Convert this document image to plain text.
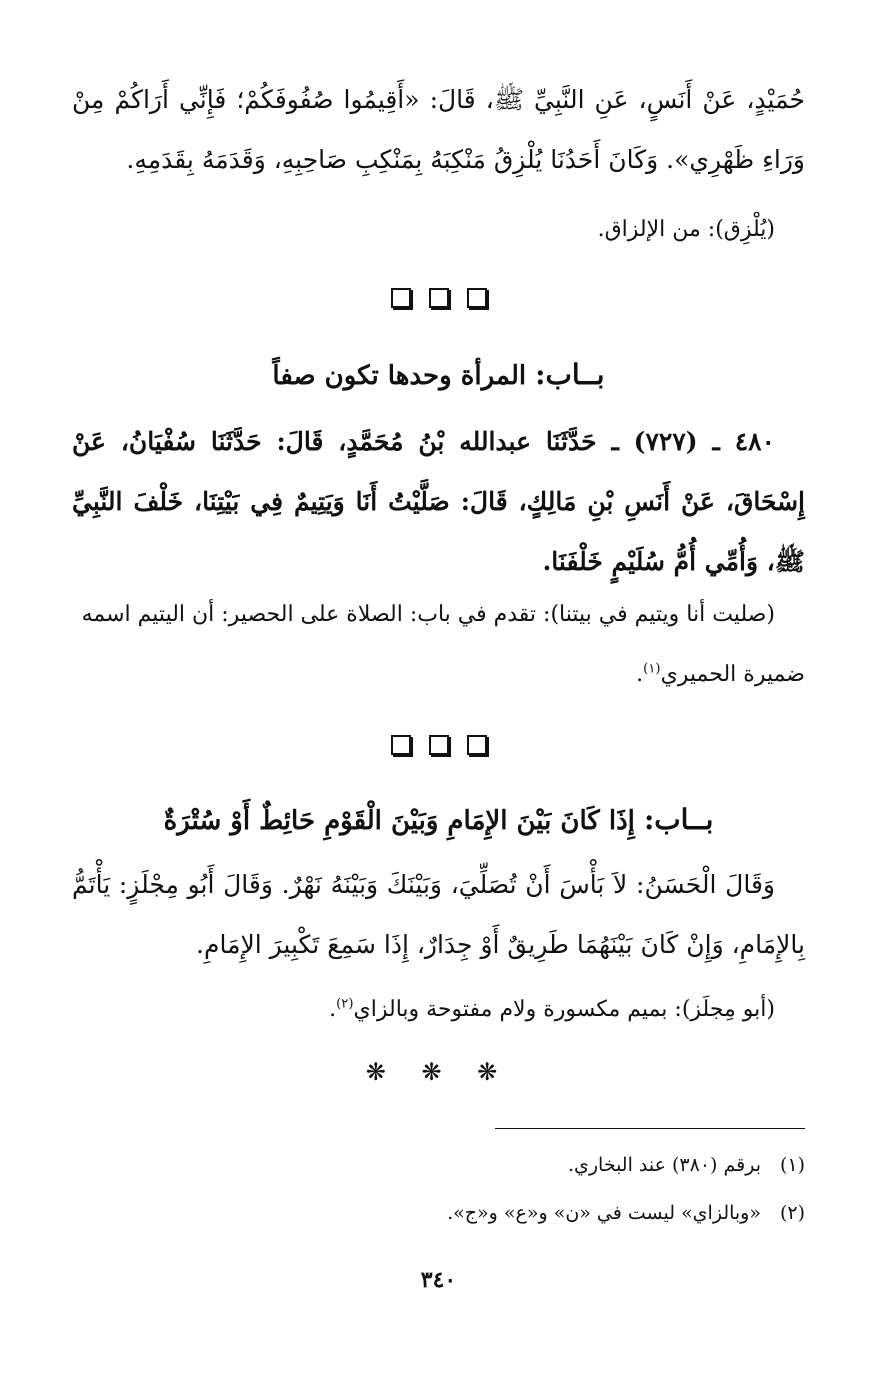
حُمَيْدٍ، عَنْ أَنَسٍ، عَنِ النَّبِيِّ ﷺ، قَالَ: «أَقِيمُوا صُفُوفَكُمْ؛ فَإِنِّي أَرَاكُمْ مِنْ وَرَاءِ ظَهْرِي». وَكَانَ أَحَدُنَا يُلْزِقُ مَنْكِبَهُ بِمَنْكِبِ صَاحِبِهِ، وَقَدَمَهُ بِقَدَمِهِ.

(يُلْزِق): من الإلزاق.

بــاب: المرأة وحدها تكون صفاً

٤٨٠ ـ (٧٢٧) ـ حَدَّثَنَا عبدالله بْنُ مُحَمَّدٍ، قَالَ: حَدَّثَنَا سُفْيَانُ، عَنْ إِسْحَاقَ، عَنْ أَنَسِ بْنِ مَالِكٍ، قَالَ: صَلَّيْتُ أَنَا وَيَتِيمٌ فِي بَيْتِنَا، خَلْفَ النَّبِيِّ ﷺ، وَأُمِّي أُمُّ سُلَيْمٍ خَلْفَنَا.

(صليت أنا ويتيم في بيتنا): تقدم في باب: الصلاة على الحصير: أن اليتيم اسمه ضميرة الحميري$^{(١)}$.

بــاب: إِذَا كَانَ بَيْنَ الإِمَامِ وَبَيْنَ الْقَوْمِ حَائِطٌ أَوْ سُتْرَةٌ

وَقَالَ الْحَسَنُ: لاَ بَأْسَ أَنْ تُصَلِّيَ، وَبَيْنَكَ وَبَيْنَهُ نَهْرٌ. وَقَالَ أَبُو مِجْلَزٍ: يَأْتَمُّ بِالإِمَامِ، وَإِنْ كَانَ بَيْنَهُمَا طَرِيقٌ أَوْ جِدَارٌ، إِذَا سَمِعَ تَكْبِيرَ الإِمَامِ.

(أبو مِجلَز): بميم مكسورة ولام مفتوحة وبالزاي$^{(٢)}$.

❋ ❋ ❋

(١)برقم (٣٨٠) عند البخاري.

(٢)«وبالزاي» ليست في «ن» و«ع» و«ج».

٣٤٠
